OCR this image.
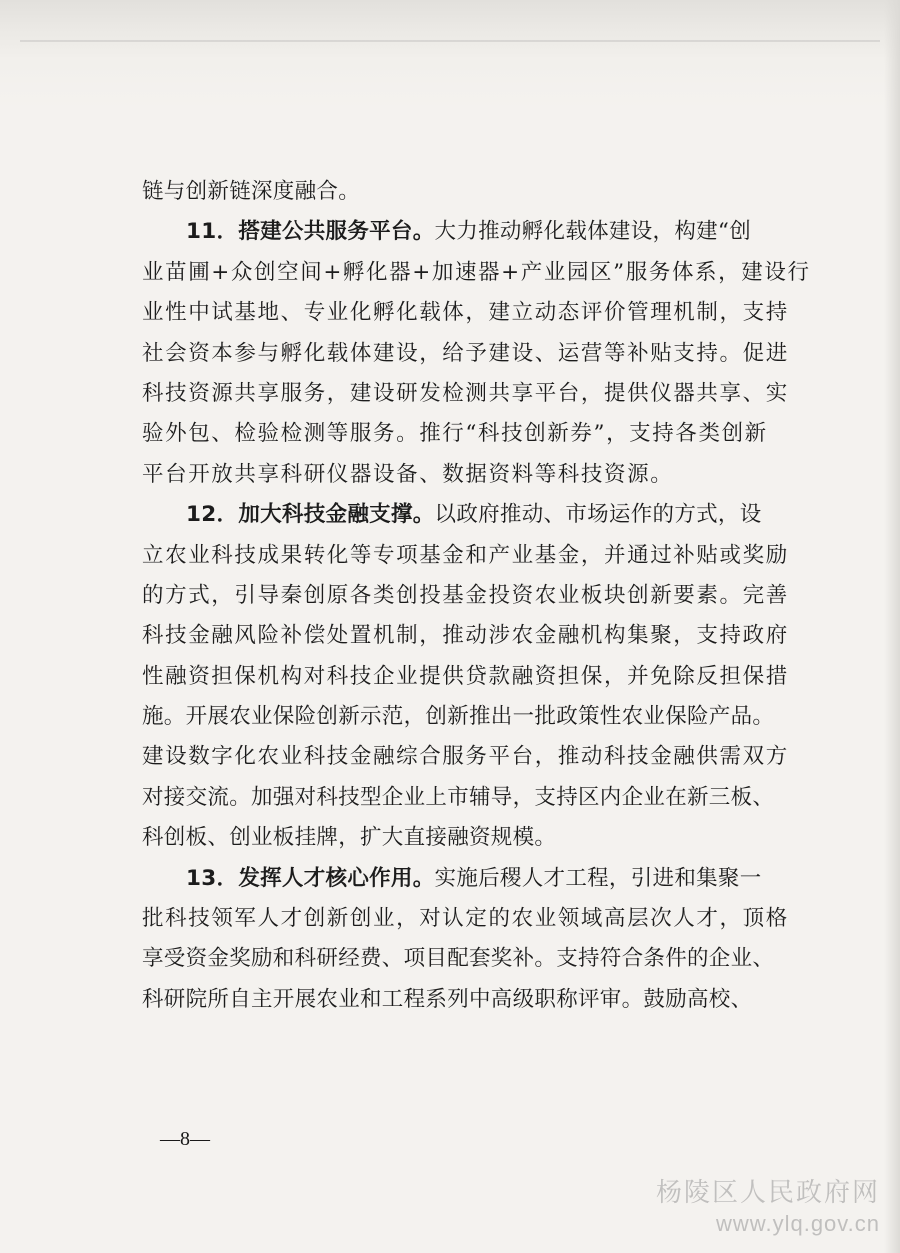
链与创新链深度融合。
11．搭建公共服务平台。大力推动孵化载体建设，构建“创
业苗圃+众创空间+孵化器+加速器+产业园区”服务体系，建设行
业性中试基地、专业化孵化载体，建立动态评价管理机制，支持
社会资本参与孵化载体建设，给予建设、运营等补贴支持。促进
科技资源共享服务，建设研发检测共享平台，提供仪器共享、实
验外包、检验检测等服务。推行“科技创新券”，支持各类创新
平台开放共享科研仪器设备、数据资料等科技资源。
12．加大科技金融支撑。以政府推动、市场运作的方式，设
立农业科技成果转化等专项基金和产业基金，并通过补贴或奖励
的方式，引导秦创原各类创投基金投资农业板块创新要素。完善
科技金融风险补偿处置机制，推动涉农金融机构集聚，支持政府
性融资担保机构对科技企业提供贷款融资担保，并免除反担保措
施。开展农业保险创新示范，创新推出一批政策性农业保险产品。
建设数字化农业科技金融综合服务平台，推动科技金融供需双方
对接交流。加强对科技型企业上市辅导，支持区内企业在新三板、
科创板、创业板挂牌，扩大直接融资规模。
13．发挥人才核心作用。实施后稷人才工程，引进和集聚一
批科技领军人才创新创业，对认定的农业领域高层次人才，顶格
享受资金奖励和科研经费、项目配套奖补。支持符合条件的企业、
科研院所自主开展农业和工程系列中高级职称评审。鼓励高校、
—8—
杨陵区人民政府网
www.ylq.gov.cn
